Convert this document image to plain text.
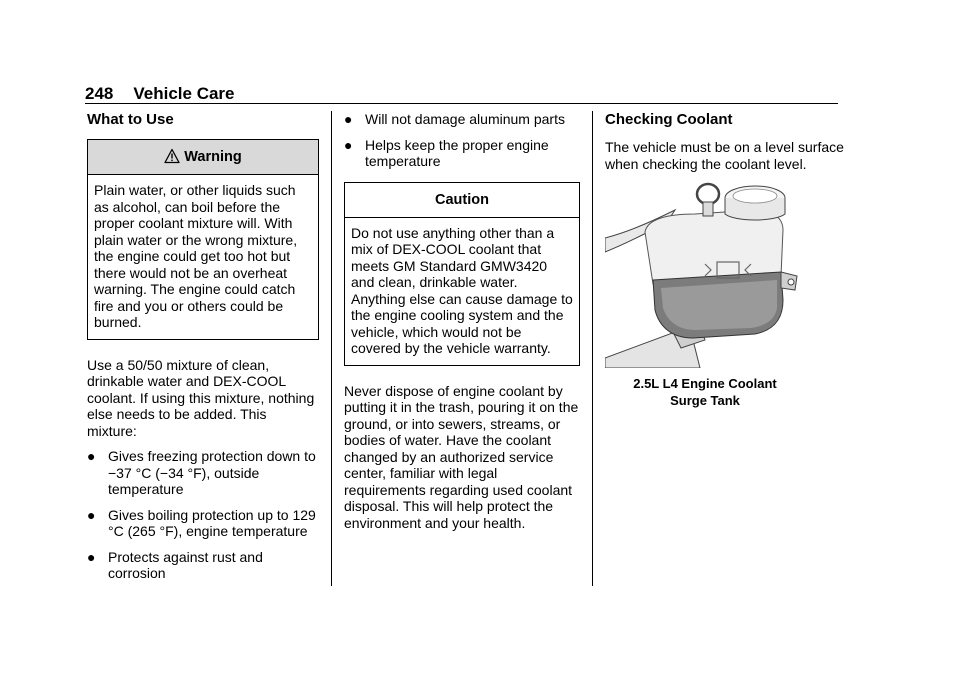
248 Vehicle Care
What to Use
Warning
Plain water, or other liquids such as alcohol, can boil before the proper coolant mixture will. With plain water or the wrong mixture, the engine could get too hot but there would not be an overheat warning. The engine could catch fire and you or others could be burned.

Use a 50/50 mixture of clean, drinkable water and DEX-COOL coolant. If using this mixture, nothing else needs to be added. This mixture:

● Gives freezing protection down to −37 °C (−34 °F), outside temperature
● Gives boiling protection up to 129 °C (265 °F), engine temperature
● Protects against rust and corrosion
● Will not damage aluminum parts
● Helps keep the proper engine temperature
Caution
Do not use anything other than a mix of DEX-COOL coolant that meets GM Standard GMW3420 and clean, drinkable water. Anything else can cause damage to the engine cooling system and the vehicle, which would not be covered by the vehicle warranty.

Never dispose of engine coolant by putting it in the trash, pouring it on the ground, or into sewers, streams, or bodies of water. Have the coolant changed by an authorized service center, familiar with legal requirements regarding used coolant disposal. This will help protect the environment and your health.

Checking Coolant

The vehicle must be on a level surface when checking the coolant level.

2.5L L4 Engine Coolant
Surge Tank
